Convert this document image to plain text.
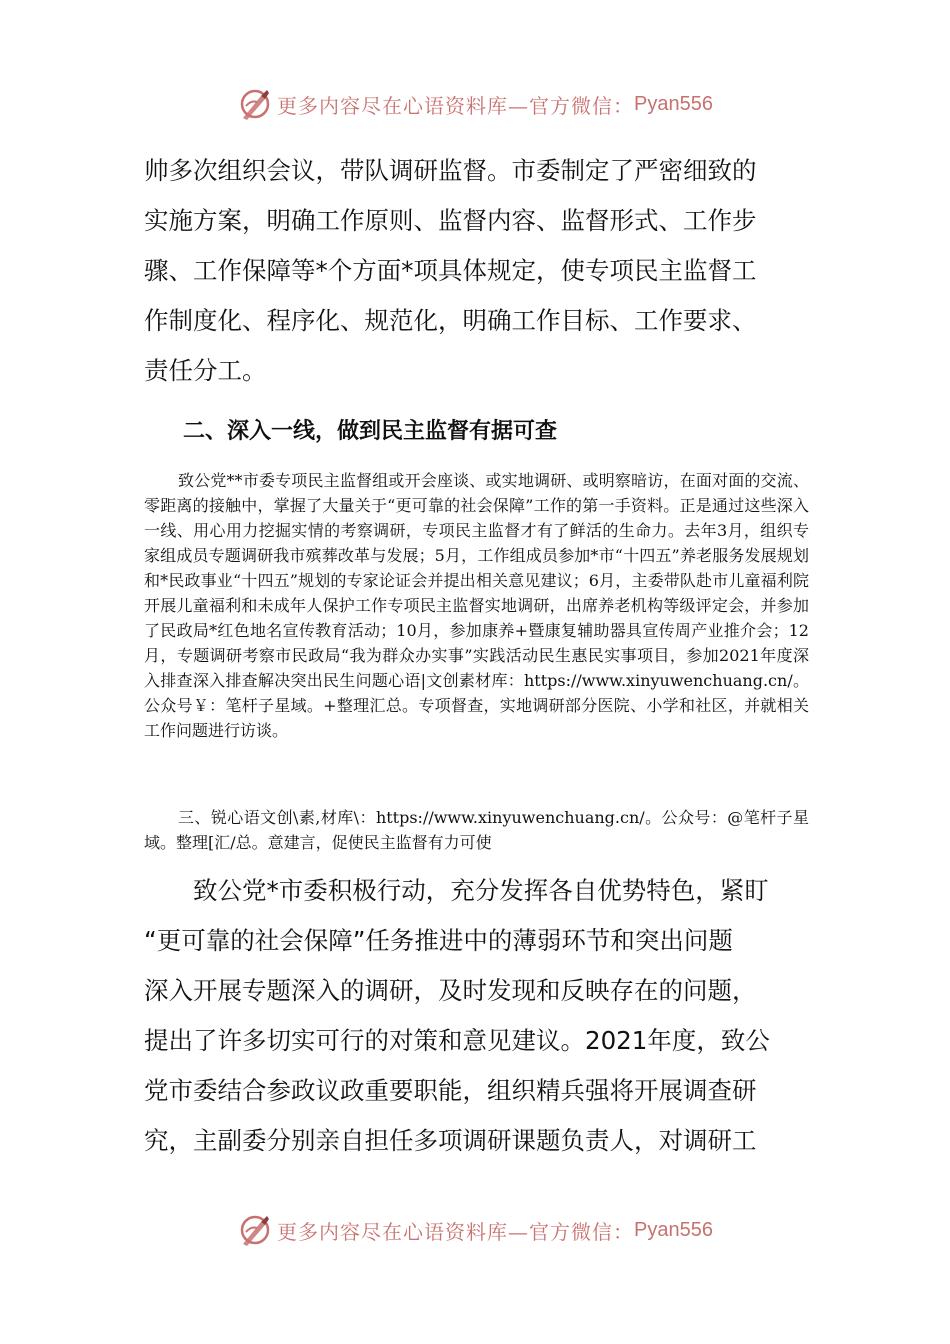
更多内容尽在心语资料库—官方微信： Pyan556

帅多次组织会议，带队调研监督。市委制定了严密细致的

实施方案，明确工作原则、监督内容、监督形式、工作步

骤、工作保障等*个方面*项具体规定，使专项民主监督工

作制度化、程序化、规范化，明确工作目标、工作要求、

责任分工。

二、深入一线，做到民主监督有据可查

致公党**市委专项民主监督组或开会座谈、或实地调研、或明察暗访，在面对面的交流、零距离的接触中，掌握了大量关于“更可靠的社会保障”工作的第一手资料。正是通过这些深入一线、用心用力挖掘实情的考察调研，专项民主监督才有了鲜活的生命力。去年3月，组织专家组成员专题调研我市殡葬改革与发展；5月，工作组成员参加*市“十四五”养老服务发展规划和*民政事业“十四五”规划的专家论证会并提出相关意见建议；6月，主委带队赴市儿童福利院开展儿童福利和未成年人保护工作专项民主监督实地调研，出席养老机构等级评定会，并参加了民政局*红色地名宣传教育活动；10月，参加康养+暨康复辅助器具宣传周产业推介会；12月，专题调研考察市民政局“我为群众办实事”实践活动民生惠民实事项目，参加2021年度深入排查深入排查解决突出民生问题心语|文创素材库：https://www.xinyuwenchuang.cn/。公众号￥：笔杆子星域。+整理汇总。专项督查，实地调研部分医院、小学和社区，并就相关工作问题进行访谈。

三、锐心语文创\素,材库\：https://www.xinyuwenchuang.cn/。公众号：@笔杆子星域。整理[汇/总。意建言，促使民主监督有力可使

　　致公党*市委积极行动，充分发挥各自优势特色，紧盯

“更可靠的社会保障”任务推进中的薄弱环节和突出问题

深入开展专题深入的调研，及时发现和反映存在的问题，

提出了许多切实可行的对策和意见建议。2021年度，致公

党市委结合参政议政重要职能，组织精兵强将开展调查研

究，主副委分别亲自担任多项调研课题负责人，对调研工

更多内容尽在心语资料库—官方微信： Pyan556
